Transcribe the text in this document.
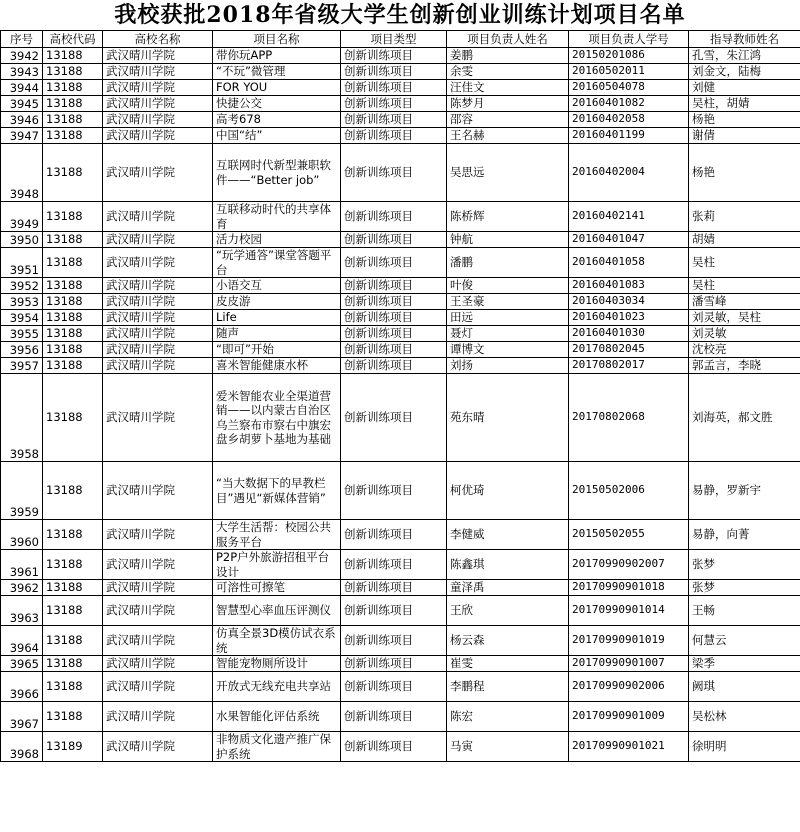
我校获批2018年省级大学生创新创业训练计划项目名单
序号	高校代码	高校名称	项目名称	项目类型	项目负责人姓名	项目负责人学号	指导教师姓名
3942	13188	武汉晴川学院	带你玩APP	创新训练项目	姜鹏	20150201086	孔雪，朱江鸿
3943	13188	武汉晴川学院	“不玩”微管理	创新训练项目	余雯	20160502011	刘金文，陆梅
3944	13188	武汉晴川学院	FOR YOU	创新训练项目	汪佳文	20160504078	刘健
3945	13188	武汉晴川学院	快捷公交	创新训练项目	陈梦月	20160401082	吴柱，胡婧
3946	13188	武汉晴川学院	高考678	创新训练项目	邵容	20160402058	杨艳
3947	13188	武汉晴川学院	中国“结”	创新训练项目	王名赫	20160401199	谢倩
3948	13188	武汉晴川学院	互联网时代新型兼职软件——“Better job”	创新训练项目	吴思远	20160402004	杨艳
3949	13188	武汉晴川学院	互联移动时代的共享体育	创新训练项目	陈桥辉	20160402141	张莉
3950	13188	武汉晴川学院	活力校园	创新训练项目	钟航	20160401047	胡婧
3951	13188	武汉晴川学院	“玩学通答”课堂答题平台	创新训练项目	潘鹏	20160401058	吴柱
3952	13188	武汉晴川学院	小语交互	创新训练项目	叶俊	20160401083	吴柱
3953	13188	武汉晴川学院	皮皮游	创新训练项目	王圣豪	20160403034	潘雪峰
3954	13188	武汉晴川学院	Life	创新训练项目	田远	20160401023	刘灵敏，吴柱
3955	13188	武汉晴川学院	随声	创新训练项目	聂灯	20160401030	刘灵敏
3956	13188	武汉晴川学院	“即可”开始	创新训练项目	谭博文	20170802045	沈校亮
3957	13188	武汉晴川学院	喜米智能健康水杯	创新训练项目	刘扬	20170802017	郭孟言，李晓
3958	13188	武汉晴川学院	爱米智能农业全渠道营销——以内蒙古自治区乌兰察布市察右中旗宏盘乡胡萝卜基地为基础	创新训练项目	苑东晴	20170802068	刘海英，郝文胜
3959	13188	武汉晴川学院	“当大数据下的早教栏目”遇见“新媒体营销”	创新训练项目	柯优琦	20150502006	易静，罗新宇
3960	13188	武汉晴川学院	大学生活帮：校园公共服务平台	创新训练项目	李健威	20150502055	易静，向菁
3961	13188	武汉晴川学院	P2P户外旅游招租平台设计	创新训练项目	陈鑫琪	20170990902007	张梦
3962	13188	武汉晴川学院	可溶性可擦笔	创新训练项目	童泽禹	20170990901018	张梦
3963	13188	武汉晴川学院	智慧型心率血压评测仪	创新训练项目	王欣	20170990901014	王畅
3964	13188	武汉晴川学院	仿真全景3D模仿试衣系统	创新训练项目	杨云森	20170990901019	何慧云
3965	13188	武汉晴川学院	智能宠物厕所设计	创新训练项目	崔雯	20170990901007	梁季
3966	13188	武汉晴川学院	开放式无线充电共享站	创新训练项目	李鹏程	20170990902006	阙琪
3967	13188	武汉晴川学院	水果智能化评估系统	创新训练项目	陈宏	20170990901009	吴松林
3968	13189	武汉晴川学院	非物质文化遗产推广保护系统	创新训练项目	马寅	20170990901021	徐明明
